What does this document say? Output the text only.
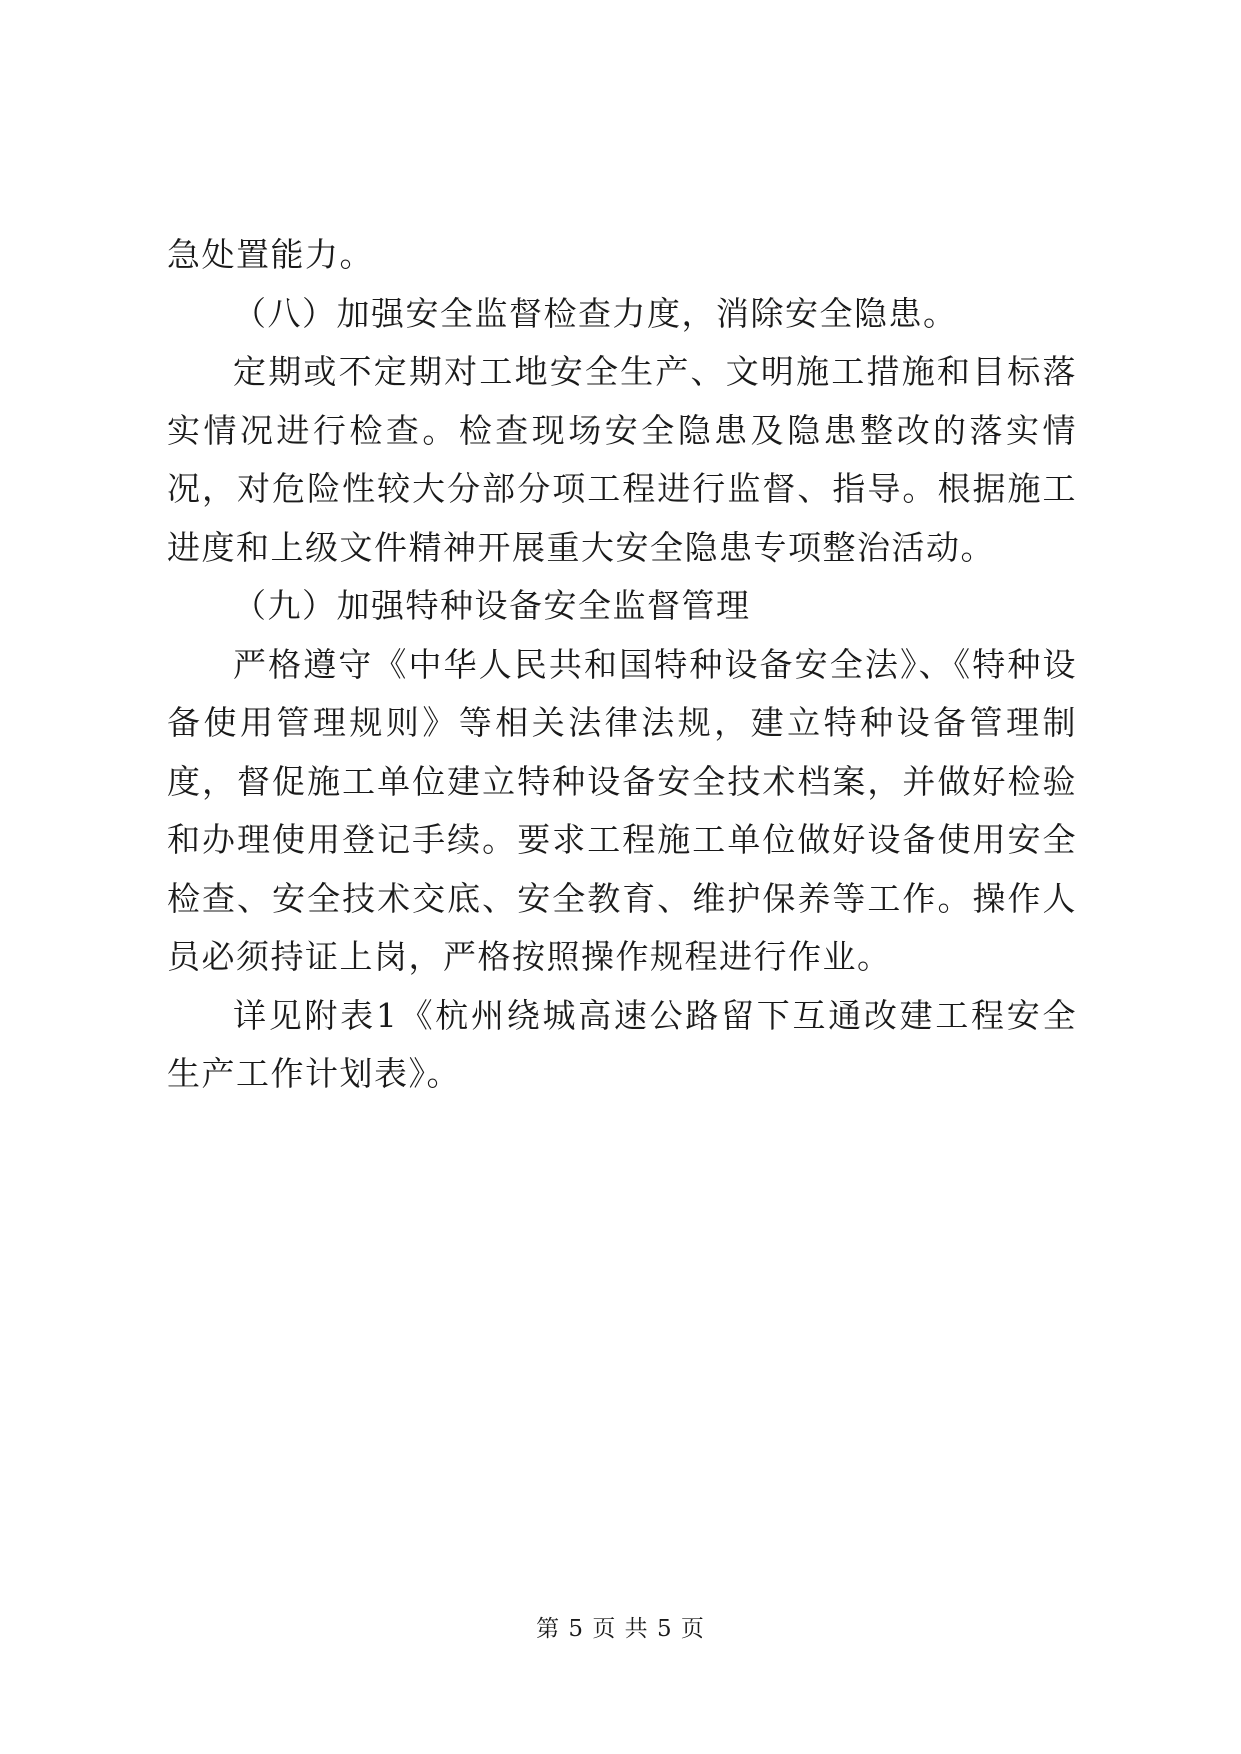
急处置能力。

（八）加强安全监督检查力度，消除安全隐患。

定期或不定期对工地安全生产、文明施工措施和目标落实情况进行检查。检查现场安全隐患及隐患整改的落实情况，对危险性较大分部分项工程进行监督、指导。根据施工进度和上级文件精神开展重大安全隐患专项整治活动。

（九）加强特种设备安全监督管理

严格遵守《中华人民共和国特种设备安全法》、《特种设备使用管理规则》等相关法律法规，建立特种设备管理制度，督促施工单位建立特种设备安全技术档案，并做好检验和办理使用登记手续。要求工程施工单位做好设备使用安全检查、安全技术交底、安全教育、维护保养等工作。操作人员必须持证上岗，严格按照操作规程进行作业。

详见附表1《杭州绕城高速公路留下互通改建工程安全生产工作计划表》。

第 5 页 共 5 页
